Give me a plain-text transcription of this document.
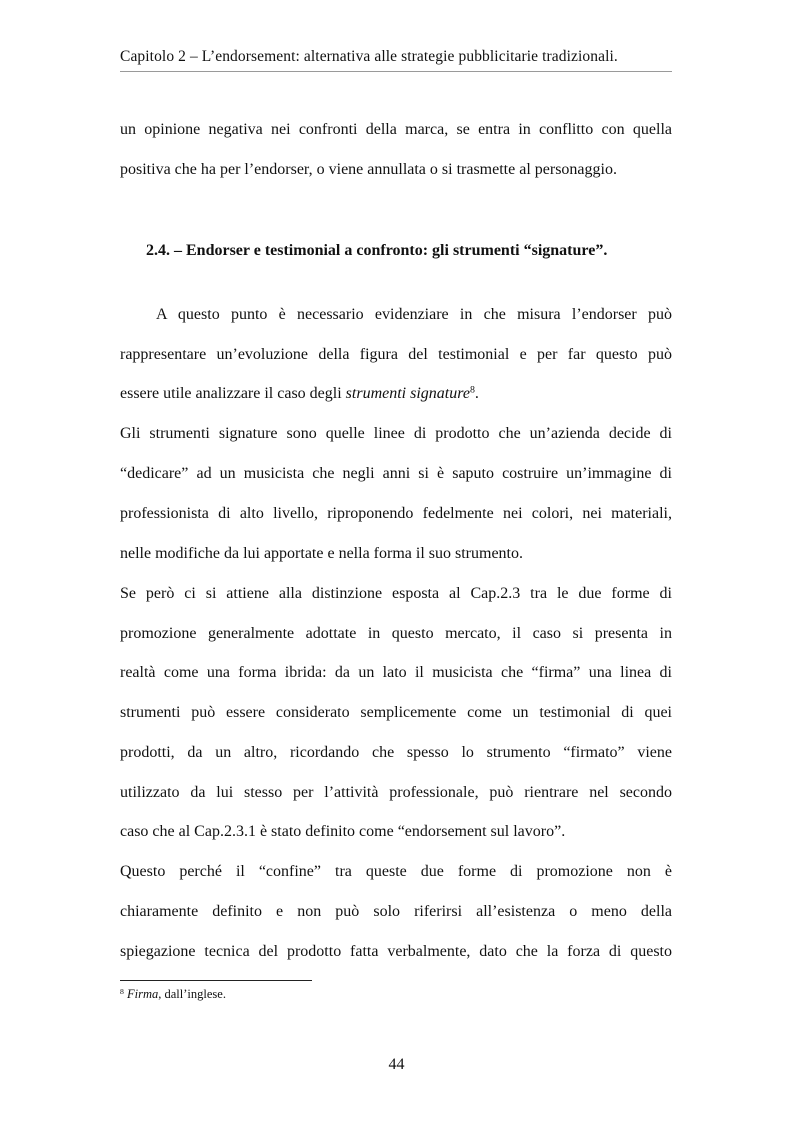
Capitolo 2 – L’endorsement: alternativa alle strategie pubblicitarie tradizionali.
un opinione negativa nei confronti della marca, se entra in conflitto con quella
positiva che ha per l’endorser, o viene annullata o si trasmette al personaggio.
2.4. – Endorser e testimonial a confronto: gli strumenti “signature”.
A questo punto è necessario evidenziare in che misura l’endorser può
rappresentare un’evoluzione della figura del testimonial e per far questo può
essere utile analizzare il caso degli strumenti signature$^8$.
Gli strumenti signature sono quelle linee di prodotto che un’azienda decide di
“dedicare” ad un musicista che negli anni si è saputo costruire un’immagine di
professionista di alto livello, riproponendo fedelmente nei colori, nei materiali,
nelle modifiche da lui apportate e nella forma il suo strumento.
Se però ci si attiene alla distinzione esposta al Cap.2.3 tra le due forme di
promozione generalmente adottate in questo mercato, il caso si presenta in
realtà come una forma ibrida: da un lato il musicista che “firma” una linea di
strumenti può essere considerato semplicemente come un testimonial di quei
prodotti, da un altro, ricordando che spesso lo strumento “firmato” viene
utilizzato da lui stesso per l’attività professionale, può rientrare nel secondo
caso che al Cap.2.3.1 è stato definito come “endorsement sul lavoro”.
Questo perché il “confine” tra queste due forme di promozione non è
chiaramente definito e non può solo riferirsi all’esistenza o meno della
spiegazione tecnica del prodotto fatta verbalmente, dato che la forza di questo
$^8$ Firma, dall’inglese.
44
